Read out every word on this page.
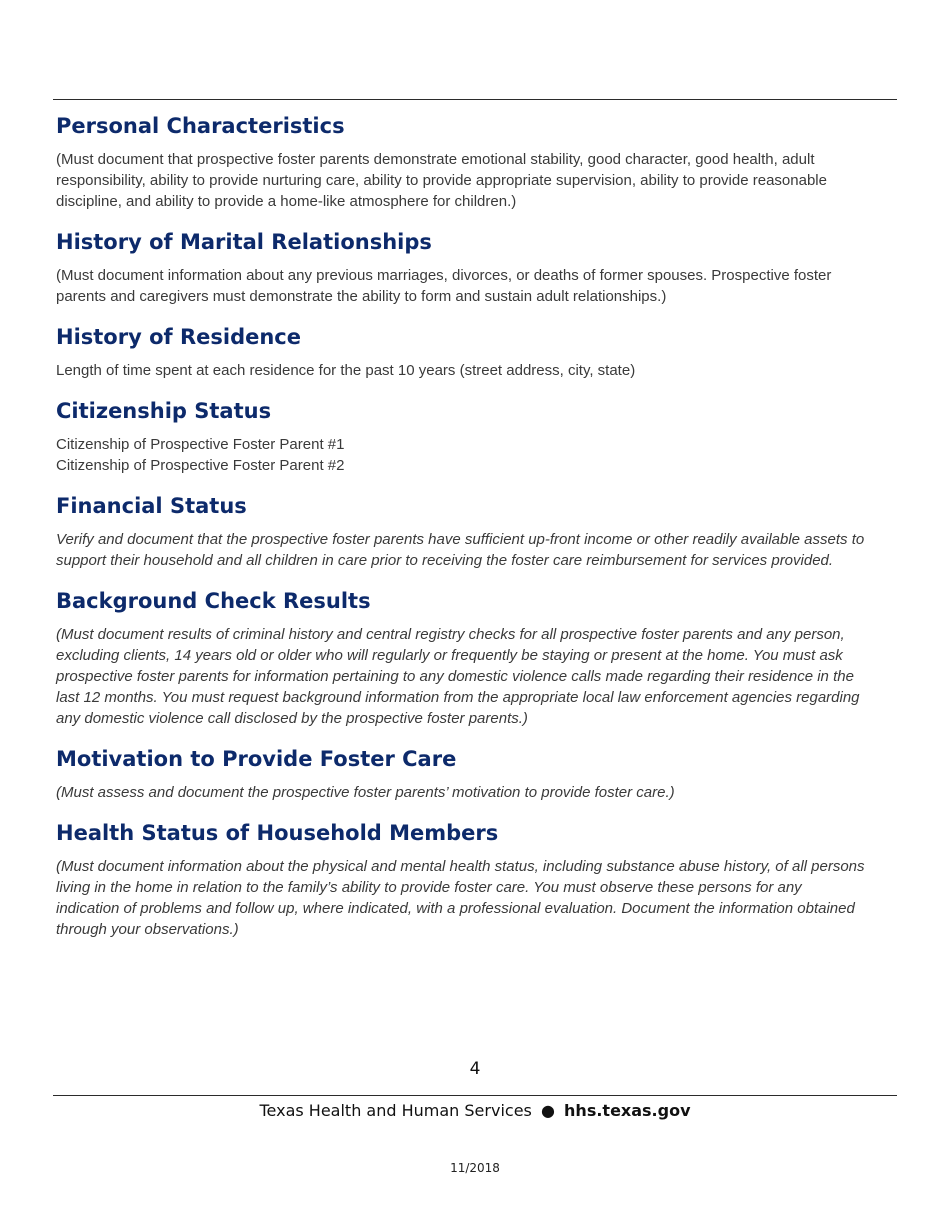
Personal Characteristics

(Must document that prospective foster parents demonstrate emotional stability, good character, good health, adult
responsibility, ability to provide nurturing care, ability to provide appropriate supervision, ability to provide reasonable
discipline, and ability to provide a home-like atmosphere for children.)

History of Marital Relationships

(Must document information about any previous marriages, divorces, or deaths of former spouses. Prospective foster
parents and caregivers must demonstrate the ability to form and sustain adult relationships.)

History of Residence

Length of time spent at each residence for the past 10 years (street address, city, state)

Citizenship Status

Citizenship of Prospective Foster Parent #1
Citizenship of Prospective Foster Parent #2

Financial Status

Verify and document that the prospective foster parents have sufficient up-front income or other readily available assets to
support their household and all children in care prior to receiving the foster care reimbursement for services provided.

Background Check Results

(Must document results of criminal history and central registry checks for all prospective foster parents and any person,
excluding clients, 14 years old or older who will regularly or frequently be staying or present at the home. You must ask
prospective foster parents for information pertaining to any domestic violence calls made regarding their residence in the
last 12 months. You must request background information from the appropriate local law enforcement agencies regarding
any domestic violence call disclosed by the prospective foster parents.)

Motivation to Provide Foster Care

(Must assess and document the prospective foster parents’ motivation to provide foster care.)

Health Status of Household Members

(Must document information about the physical and mental health status, including substance abuse history, of all persons
living in the home in relation to the family’s ability to provide foster care. You must observe these persons for any
indication of problems and follow up, where indicated, with a professional evaluation. Document the information obtained
through your observations.)

4
Texas Health and Human Services ● hhs.texas.gov
11/2018
